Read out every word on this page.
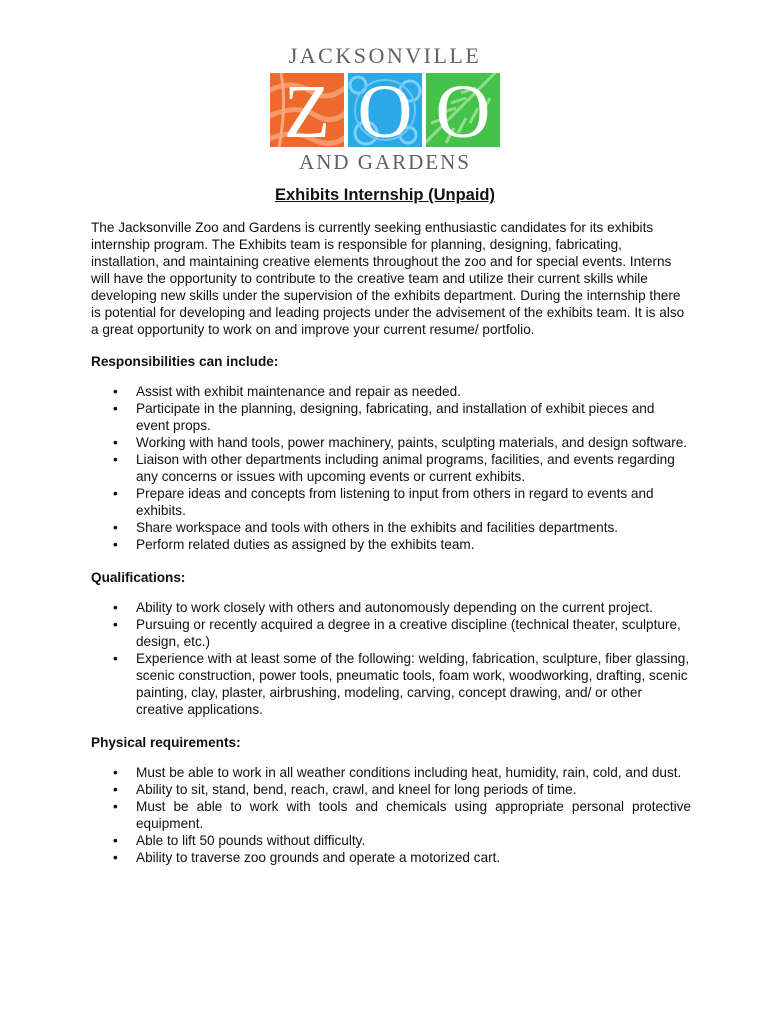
JACKSONVILLE
Z O O
AND GARDENS
Exhibits Internship (Unpaid)

The Jacksonville Zoo and Gardens is currently seeking enthusiastic candidates for its exhibits internship program. The Exhibits team is responsible for planning, designing, fabricating, installation, and maintaining creative elements throughout the zoo and for special events. Interns will have the opportunity to contribute to the creative team and utilize their current skills while developing new skills under the supervision of the exhibits department. During the internship there is potential for developing and leading projects under the advisement of the exhibits team. It is also a great opportunity to work on and improve your current resume/ portfolio.

Responsibilities can include:
• Assist with exhibit maintenance and repair as needed.
• Participate in the planning, designing, fabricating, and installation of exhibit pieces and event props.
• Working with hand tools, power machinery, paints, sculpting materials, and design software.
• Liaison with other departments including animal programs, facilities, and events regarding any concerns or issues with upcoming events or current exhibits.
• Prepare ideas and concepts from listening to input from others in regard to events and exhibits.
• Share workspace and tools with others in the exhibits and facilities departments.
• Perform related duties as assigned by the exhibits team.
Qualifications:
• Ability to work closely with others and autonomously depending on the current project.
• Pursuing or recently acquired a degree in a creative discipline (technical theater, sculpture, design, etc.)
• Experience with at least some of the following: welding, fabrication, sculpture, fiber glassing, scenic construction, power tools, pneumatic tools, foam work, woodworking, drafting, scenic painting, clay, plaster, airbrushing, modeling, carving, concept drawing, and/ or other creative applications.
Physical requirements:
• Must be able to work in all weather conditions including heat, humidity, rain, cold, and dust.
• Ability to sit, stand, bend, reach, crawl, and kneel for long periods of time.
• Must be able to work with tools and chemicals using appropriate personal protective equipment.
• Able to lift 50 pounds without difficulty.
• Ability to traverse zoo grounds and operate a motorized cart.
